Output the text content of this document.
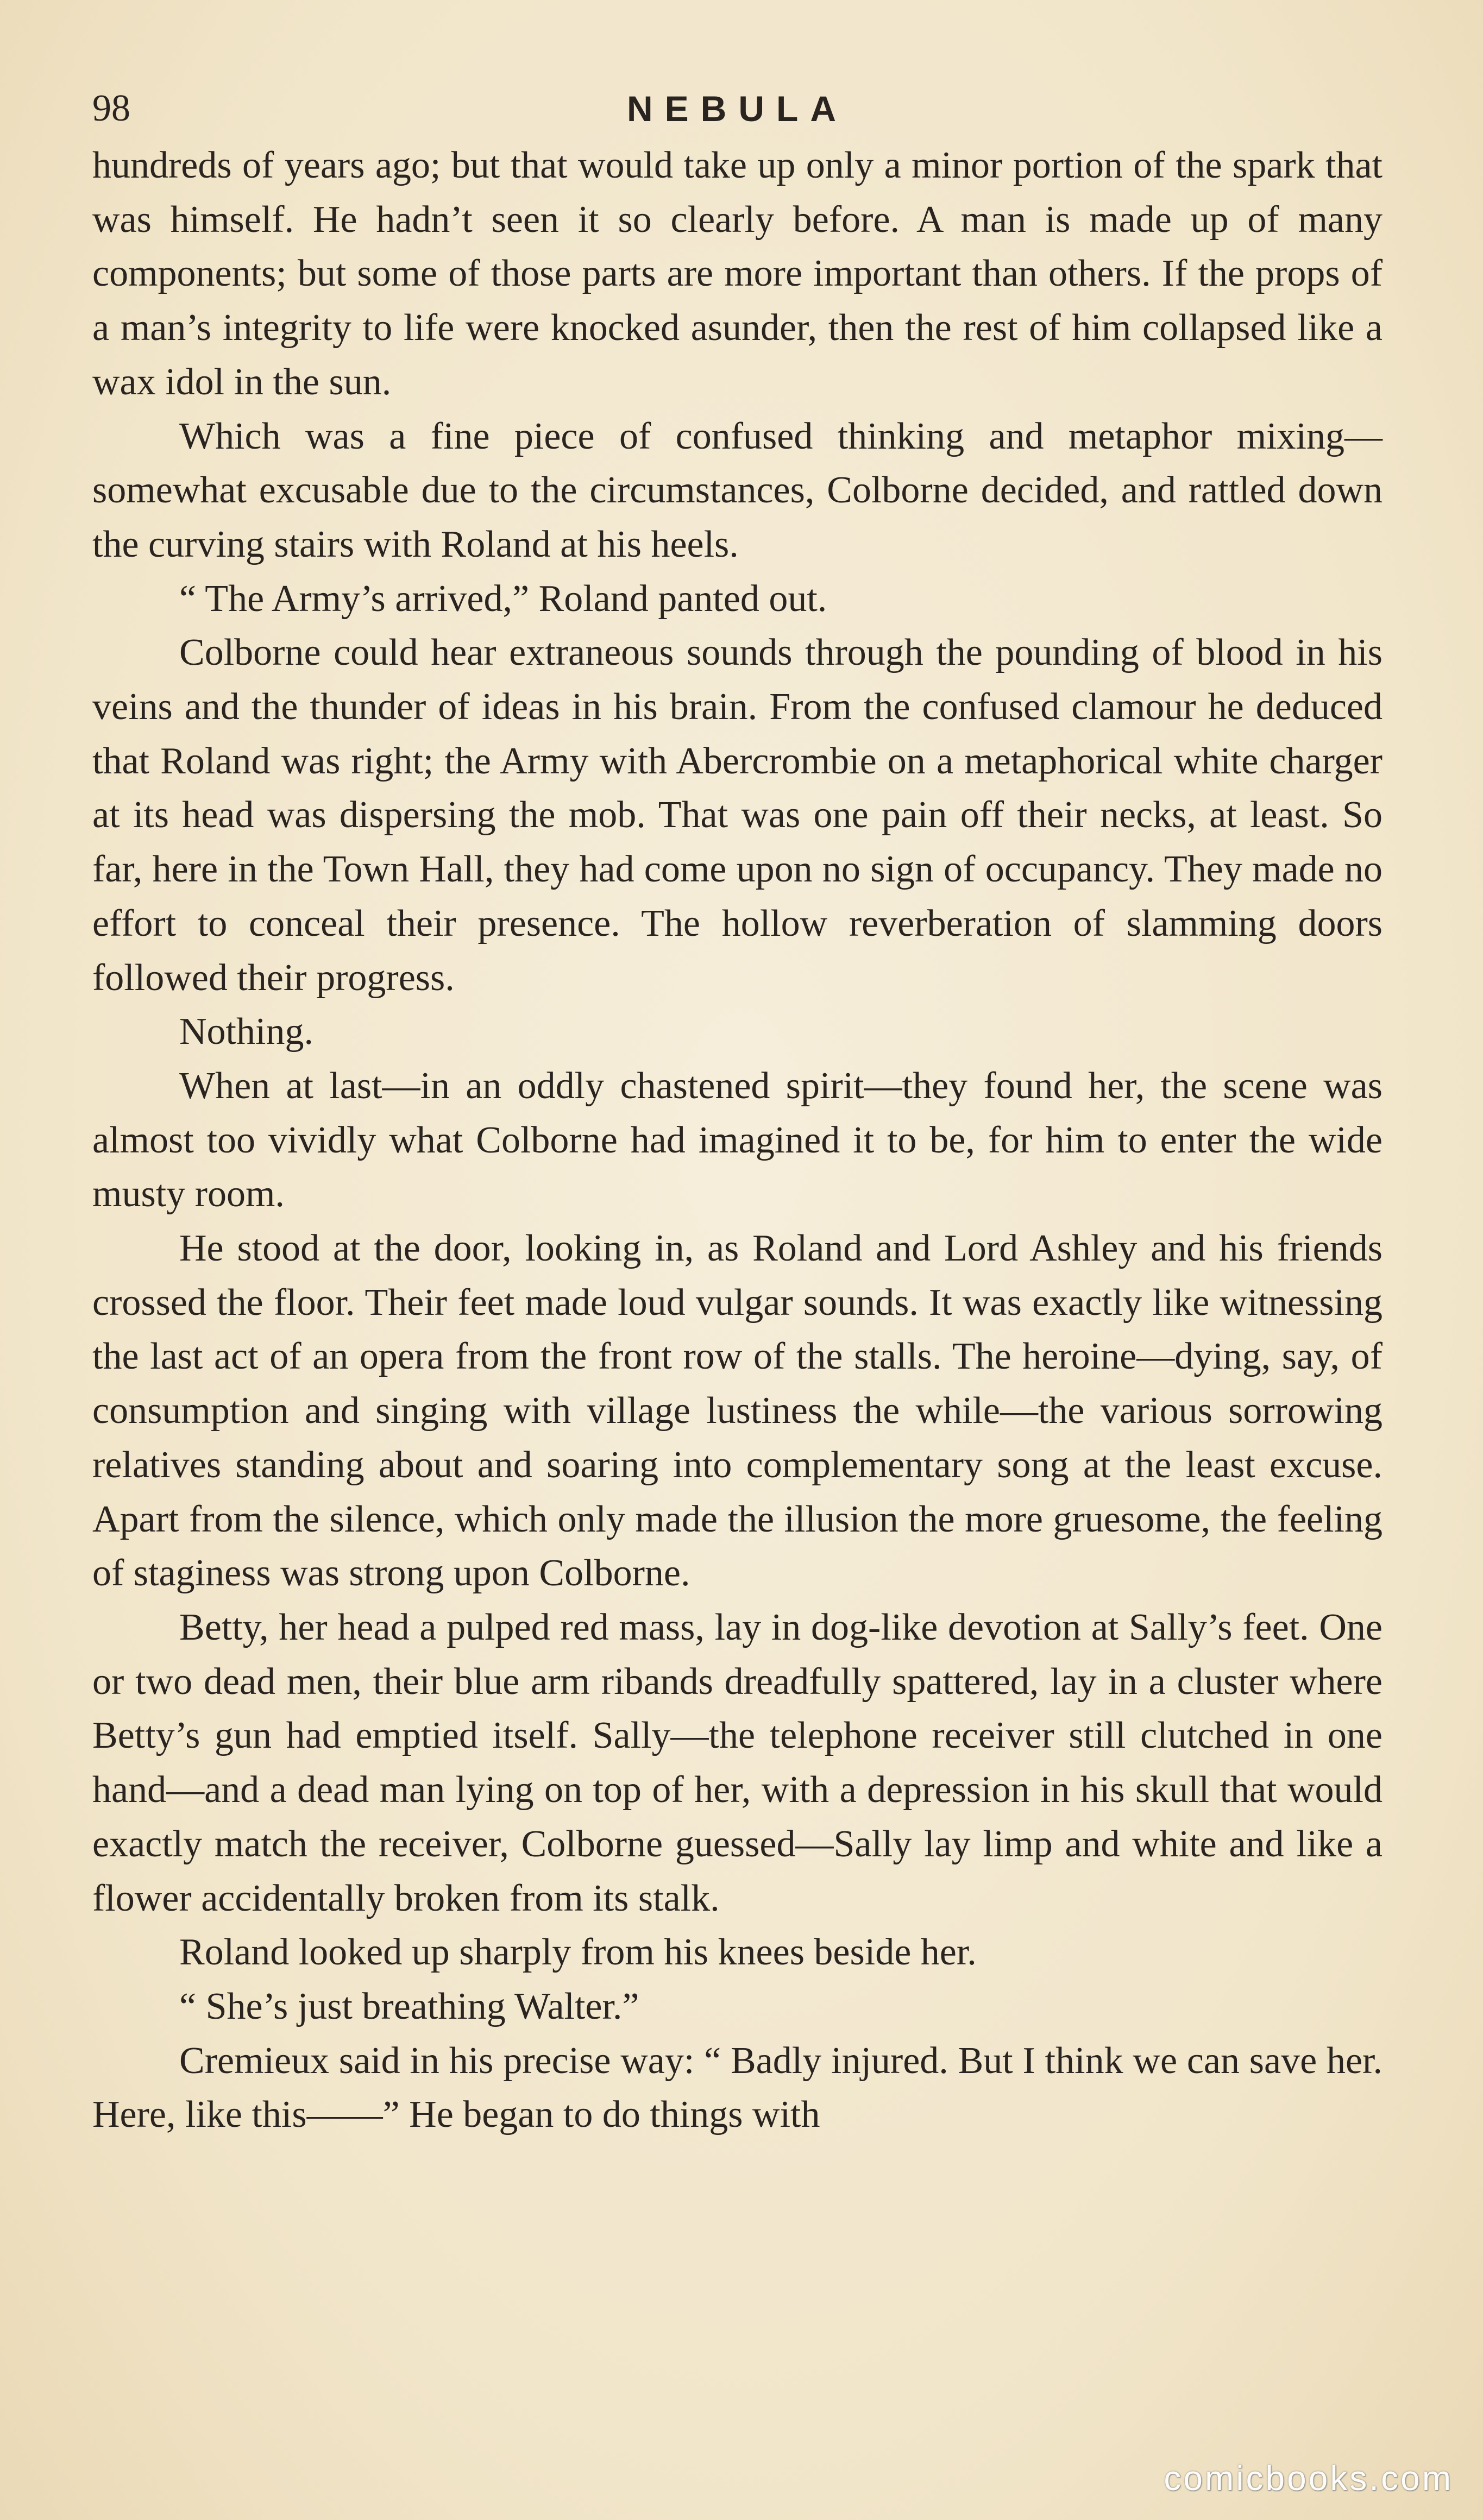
98	NEBULA

hundreds of years ago; but that would take up only a minor portion of the spark that was himself. He hadn’t seen it so clearly before. A man is made up of many components; but some of those parts are more important than others. If the props of a man’s integrity to life were knocked asunder, then the rest of him collapsed like a wax idol in the sun.

Which was a fine piece of confused thinking and metaphor mixing—somewhat excusable due to the circumstances, Colborne decided, and rattled down the curving stairs with Roland at his heels.

“ The Army’s arrived,” Roland panted out.

Colborne could hear extraneous sounds through the pounding of blood in his veins and the thunder of ideas in his brain. From the confused clamour he deduced that Roland was right; the Army with Abercrombie on a metaphorical white charger at its head was dispersing the mob. That was one pain off their necks, at least. So far, here in the Town Hall, they had come upon no sign of occupancy. They made no effort to conceal their presence. The hollow reverberation of slamming doors followed their progress.

Nothing.

When at last—in an oddly chastened spirit—they found her, the scene was almost too vividly what Colborne had imagined it to be, for him to enter the wide musty room.

He stood at the door, looking in, as Roland and Lord Ashley and his friends crossed the floor. Their feet made loud vulgar sounds. It was exactly like witnessing the last act of an opera from the front row of the stalls. The heroine—dying, say, of consumption and singing with village lustiness the while—the various sorrowing relatives standing about and soaring into complementary song at the least excuse. Apart from the silence, which only made the illusion the more gruesome, the feeling of staginess was strong upon Colborne.

Betty, her head a pulped red mass, lay in dog-like devotion at Sally’s feet. One or two dead men, their blue arm ribands dreadfully spattered, lay in a cluster where Betty’s gun had emptied itself. Sally—the telephone receiver still clutched in one hand—and a dead man lying on top of her, with a depression in his skull that would exactly match the receiver, Colborne guessed—Sally lay limp and white and like a flower accidentally broken from its stalk.

Roland looked up sharply from his knees beside her.

“ She’s just breathing Walter.”

Cremieux said in his precise way: “ Badly injured. But I think we can save her. Here, like this——” He began to do things with

comicbooks.com
